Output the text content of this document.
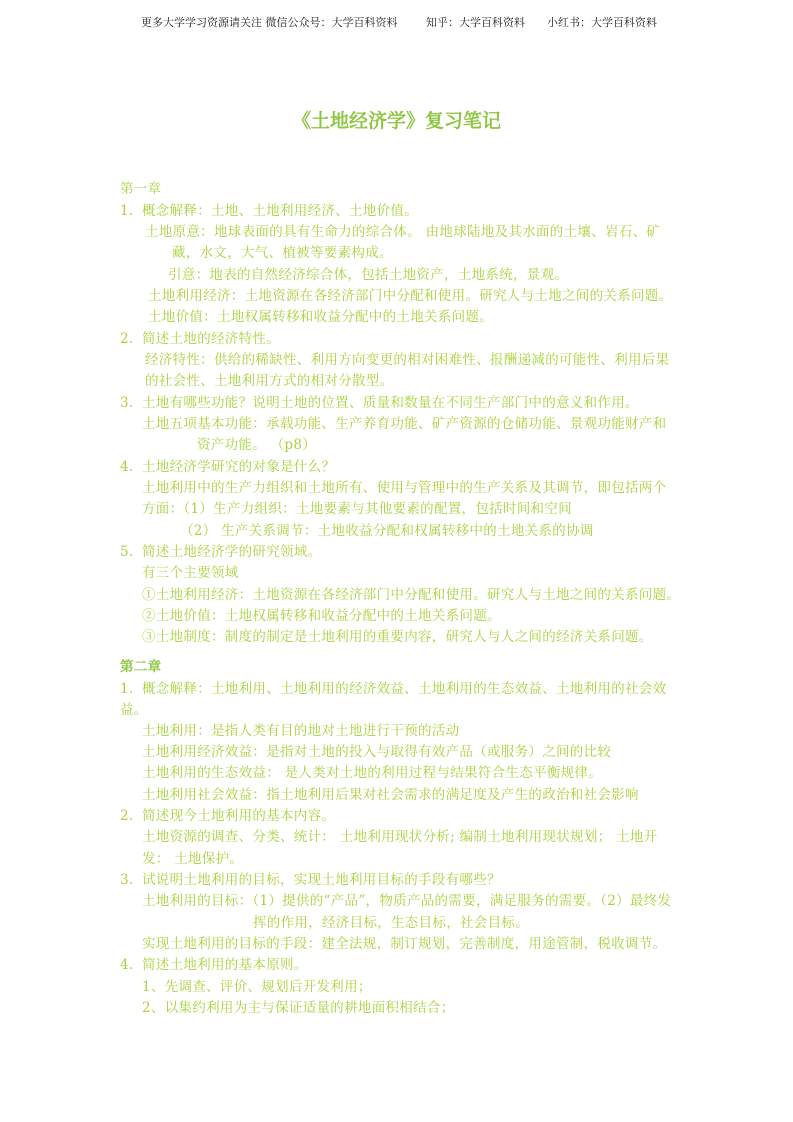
更多大学学习资源请关注 微信公众号：大学百科资料

	知乎：大学百科资料

小红书：大学百科资料

《土地经济学》复习笔记
第一章
1. 概念解释：土地、土地利用经济、土地价值。
土地原意：地球表面的具有生命力的综合体。 由地球陆地及其水面的土壤、岩石、矿
藏，水文，大气、植被等要素构成。
引意：地表的自然经济综合体，包括土地资产，土地系统，景观。
土地利用经济：土地资源在各经济部门中分配和使用。研究人与土地之间的关系问题。
土地价值：土地权属转移和收益分配中的土地关系问题。
2. 简述土地的经济特性。
经济特性：供给的稀缺性、利用方向变更的相对困难性、报酬递减的可能性、利用后果
的社会性、土地利用方式的相对分散型。
3. 土地有哪些功能？说明土地的位置、质量和数量在不同生产部门中的意义和作用。
土地五项基本功能：承载功能、生产养育功能、矿产资源的仓储功能、景观功能财产和
资产功能。 （p8）
4. 土地经济学研究的对象是什么？
土地利用中的生产力组织和土地所有、使用与管理中的生产关系及其调节，即包括两个
方面：（1）生产力组织：土地要素与其他要素的配置，包括时间和空间
（2） 生产关系调节：土地收益分配和权属转移中的土地关系的协调
5. 简述土地经济学的研究领域。
有三个主要领域
①土地利用经济：土地资源在各经济部门中分配和使用。研究人与土地之间的关系问题。
②土地价值：土地权属转移和收益分配中的土地关系问题。
③土地制度：制度的制定是土地利用的重要内容，研究人与人之间的经济关系问题。
第二章
1. 概念解释：土地利用、土地利用的经济效益、土地利用的生态效益、土地利用的社会效
益。
土地利用：是指人类有目的地对土地进行干预的活动
土地利用经济效益：是指对土地的投入与取得有效产品（或服务）之间的比较
土地利用的生态效益： 是人类对土地的利用过程与结果符合生态平衡规律。
土地利用社会效益：指土地利用后果对社会需求的满足度及产生的政治和社会影响
2. 简述现今土地利用的基本内容。
土地资源的调查、分类、统计： 土地利用现状分析; 编制土地利用现状规划； 土地开
发： 土地保护。
3. 试说明土地利用的目标，实现土地利用目标的手段有哪些？
土地利用的目标：（1）提供的“产品”，物质产品的需要，满足服务的需要。（2）最终发
挥的作用，经济目标，生态目标，社会目标。
实现土地利用的目标的手段：建全法规，制订规划，完善制度，用途管制，税收调节。
4. 简述土地利用的基本原则。
1、先调查、评价、规划后开发利用；
2、以集约利用为主与保证适量的耕地面积相结合；
